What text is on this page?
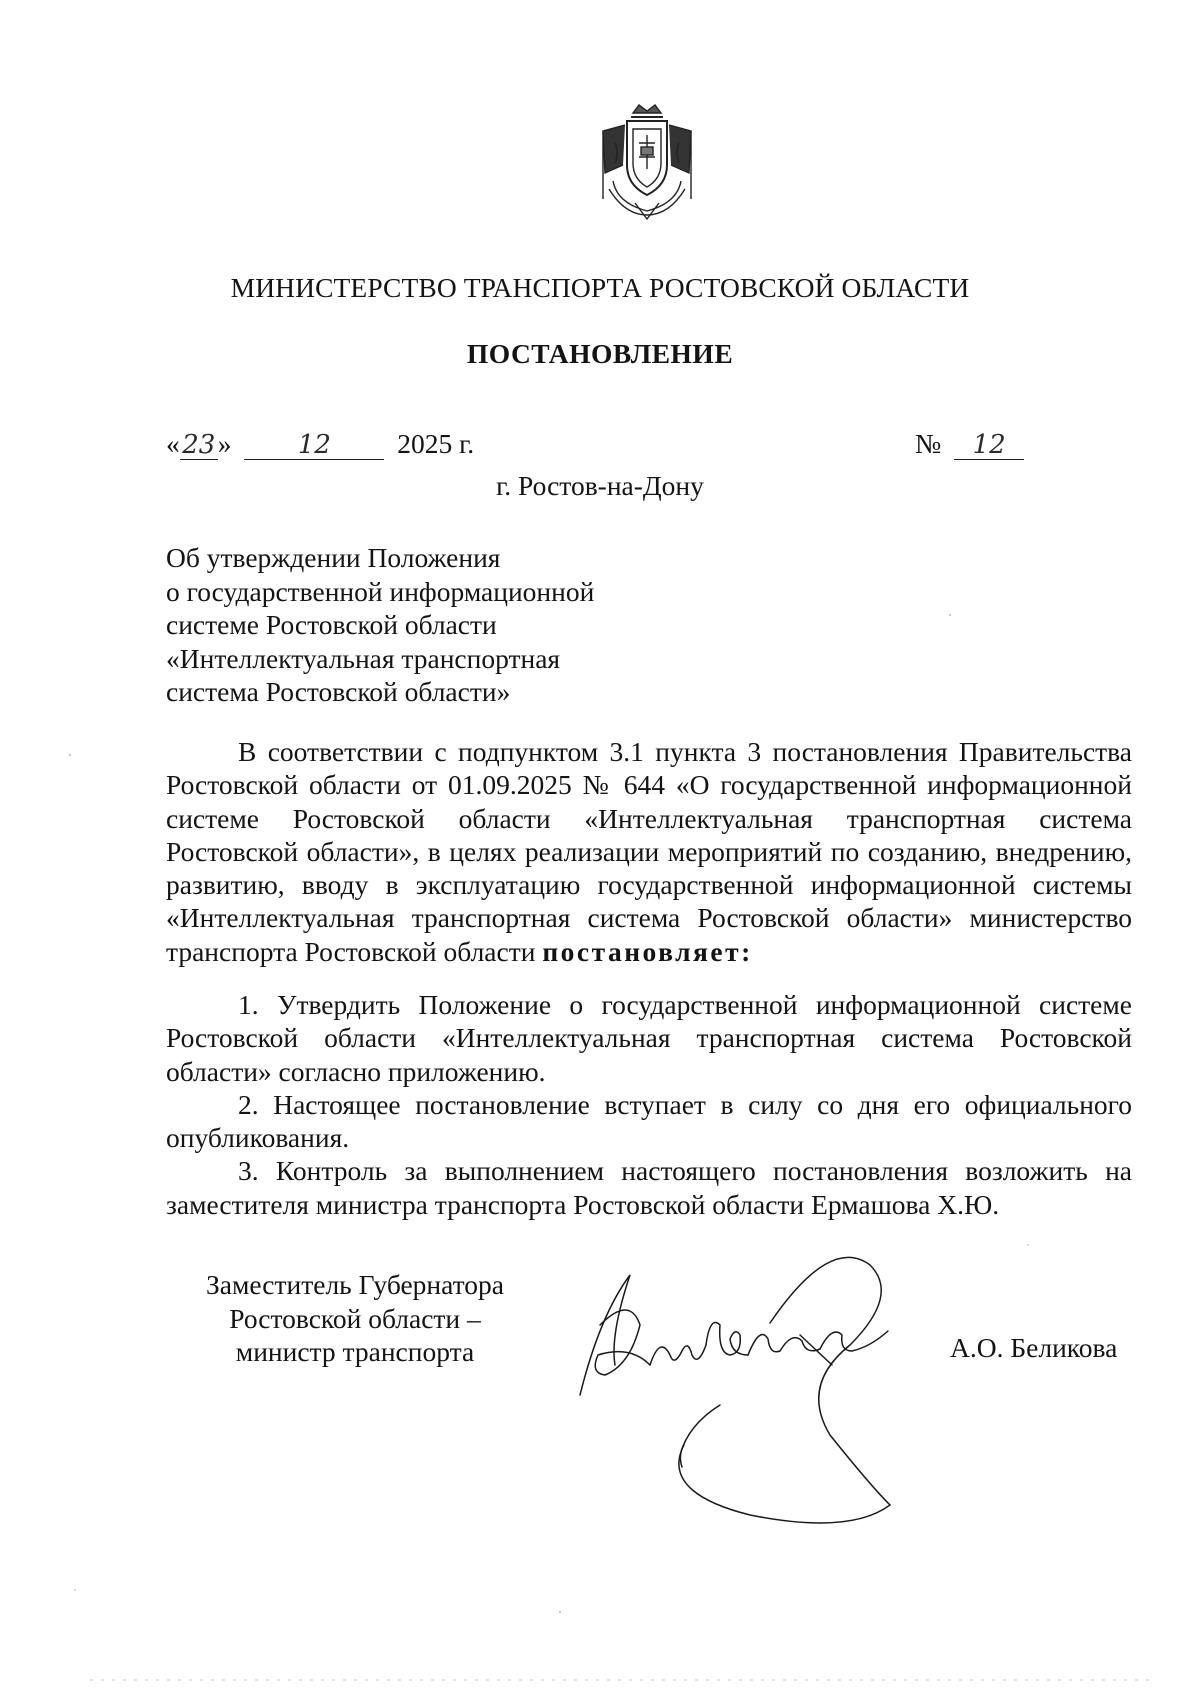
МИНИСТЕРСТВО ТРАНСПОРТА РОСТОВСКОЙ ОБЛАСТИ
ПОСТАНОВЛЕНИЕ
«23»	12 2025 г.	№ 12
г. Ростов-на-Дону
Об утверждении Положения
о государственной информационной
системе Ростовской области
«Интеллектуальная транспортная
система Ростовской области»

В соответствии с подпунктом 3.1 пункта 3 постановления Правительства Ростовской области от 01.09.2025 № 644 «О государственной информационной системе Ростовской области «Интеллектуальная транспортная система Ростовской области», в целях реализации мероприятий по созданию, внедрению, развитию, вводу в эксплуатацию государственной информационной системы «Интеллектуальная транспортная система Ростовской области» министерство транспорта Ростовской области постановляет:

1. Утвердить Положение о государственной информационной системе Ростовской области «Интеллектуальная транспортная система Ростовской области» согласно приложению.

2. Настоящее постановление вступает в силу со дня его официального опубликования.

3. Контроль за выполнением настоящего постановления возложить на заместителя министра транспорта Ростовской области Ермашова Х.Ю.

Заместитель Губернатора
Ростовской области –
министр транспорта	А.О. Беликова
